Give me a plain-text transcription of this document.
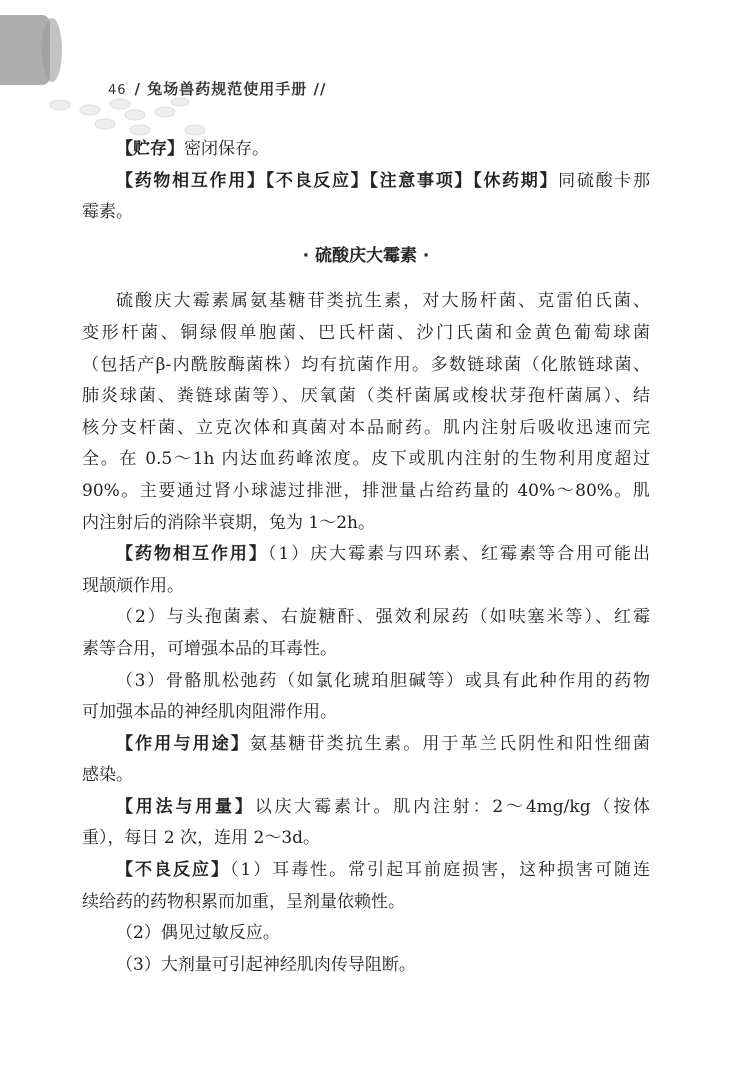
46 / 兔场兽药规范使用手册 //
【贮存】密闭保存。
【药物相互作用】【不良反应】【注意事项】【休药期】同硫酸卡那
霉素。
· 硫酸庆大霉素 ·
硫酸庆大霉素属氨基糖苷类抗生素，对大肠杆菌、克雷伯氏菌、
变形杆菌、铜绿假单胞菌、巴氏杆菌、沙门氏菌和金黄色葡萄球菌
（包括产β-内酰胺酶菌株）均有抗菌作用。多数链球菌（化脓链球菌、
肺炎球菌、粪链球菌等）、厌氧菌（类杆菌属或梭状芽孢杆菌属）、结
核分支杆菌、立克次体和真菌对本品耐药。肌内注射后吸收迅速而完
全。在 0.5～1h 内达血药峰浓度。皮下或肌内注射的生物利用度超过
90%。主要通过肾小球滤过排泄，排泄量占给药量的 40%～80%。肌
内注射后的消除半衰期，兔为 1～2h。
【药物相互作用】（1）庆大霉素与四环素、红霉素等合用可能出
现颉颃作用。
（2）与头孢菌素、右旋糖酐、强效利尿药（如呋塞米等）、红霉
素等合用，可增强本品的耳毒性。
（3）骨骼肌松弛药（如氯化琥珀胆碱等）或具有此种作用的药物
可加强本品的神经肌肉阻滞作用。
【作用与用途】氨基糖苷类抗生素。用于革兰氏阴性和阳性细菌
感染。
【用法与用量】以庆大霉素计。肌内注射：2～4mg/kg（按体
重），每日 2 次，连用 2～3d。
【不良反应】（1）耳毒性。常引起耳前庭损害，这种损害可随连
续给药的药物积累而加重，呈剂量依赖性。
（2）偶见过敏反应。
（3）大剂量可引起神经肌肉传导阻断。
